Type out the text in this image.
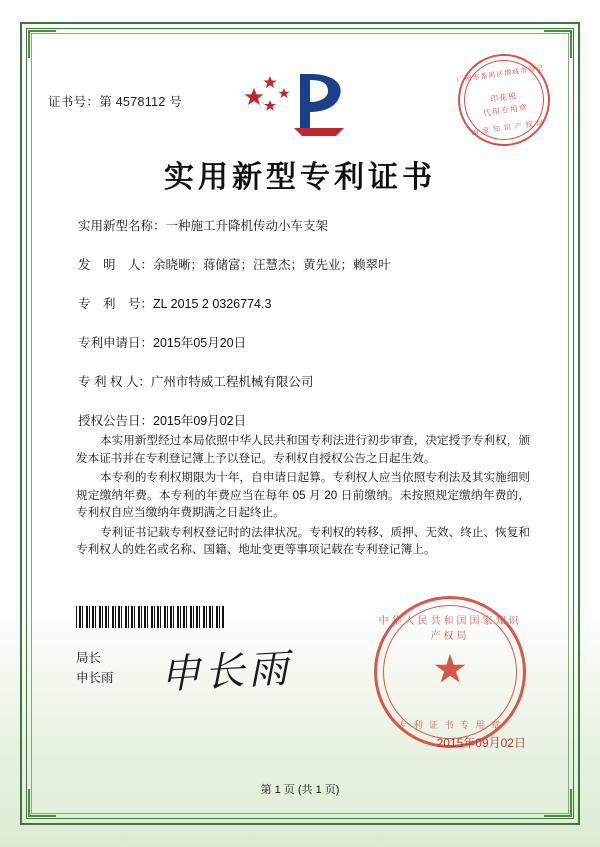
证书号：第 4578112 号
广州市番禺区增城市登记
印花税
代用专用章
国 家 知 识 产 权 局
实用新型专利证书
实用新型名称：一种施工升降机传动小车支架
发　明　人：余晓晰；蒋储富；汪慧杰；黄先业；赖翠叶
专　利　号：ZL 2015 2 0326774.3
专利申请日：2015年05月20日
专 利 权 人：广州市特威工程机械有限公司
授权公告日：2015年09月02日

本实用新型经过本局依照中华人民共和国专利法进行初步审查，决定授予专利权，颁发本证书并在专利登记簿上予以登记。专利权自授权公告之日起生效。

本专利的专利权期限为十年，自申请日起算。专利权人应当依照专利法及其实施细则规定缴纳年费。本专利的年费应当在每年 05 月 20 日前缴纳。未按照规定缴纳年费的，专利权自应当缴纳年费期满之日起终止。

专利证书记载专利权登记时的法律状况。专利权的转移、质押、无效、终止、恢复和专利权人的姓名或名称、国籍、地址变更等事项记载在专利登记簿上。

局长
申长雨 申长雨
中华人民共和国国家知识产权局
★
专 利 证 书 专 用 章
2015年09月02日
第 1 页 (共 1 页)
